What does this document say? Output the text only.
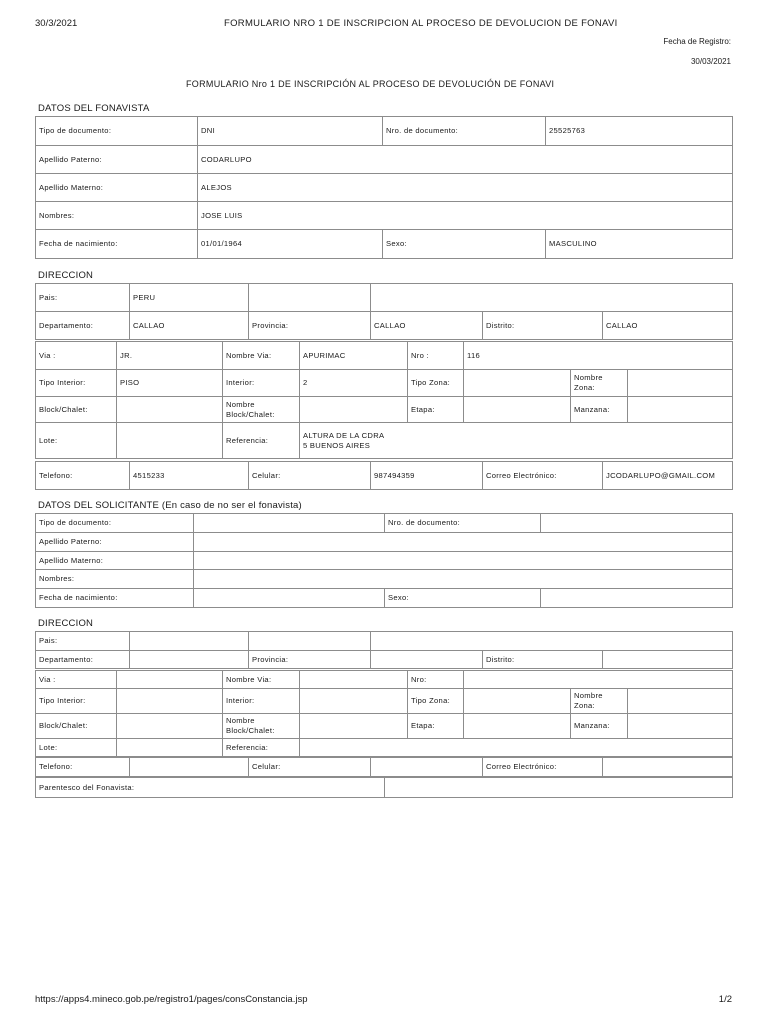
30/3/2021	FORMULARIO NRO 1 DE INSCRIPCION AL PROCESO DE DEVOLUCION DE FONAVI
Fecha de Registro:
30/03/2021
FORMULARIO Nro 1 DE INSCRIPCIÓN AL PROCESO DE DEVOLUCIÓN DE FONAVI
DATOS DEL FONAVISTA
Tipo de documento:	DNI	Nro. de documento:	25525763
Apellido Paterno:	CODARLUPO		
Apellido Materno:	ALEJOS		
Nombres:	JOSE LUIS		
Fecha de nacimiento:	01/01/1964	Sexo:	MASCULINO
DIRECCION
Pais:	PERU				
Departamento:	CALLAO	Provincia:	CALLAO	Distrito:	CALLAO
Via :	JR.	Nombre Via:	APURIMAC	Nro :	116		
Tipo Interior:	PISO	Interior:	2	Tipo Zona:		Nombre Zona:	
Block/Chalet:		Nombre Block/Chalet:		Etapa:		Manzana:	
Lote:		Referencia:	ALTURA DE LA CDRA
5 BUENOS AIRES				
Telefono:	4515233	Celular:	987494359	Correo Electrónico:	JCODARLUPO@GMAIL.COM
DATOS DEL SOLICITANTE (En caso de no ser el fonavista)
Tipo de documento:		Nro. de documento:	
Apellido Paterno:			
Apellido Materno:			
Nombres:			
Fecha de nacimiento:		Sexo:	
DIRECCION
Pais:					
Departamento:		Provincia:		Distrito:	
Via :		Nombre Via:		Nro:			
Tipo Interior:		Interior:		Tipo Zona:		Nombre Zona:	
Block/Chalet:		Nombre Block/Chalet:		Etapa:		Manzana:	
Lote:		Referencia:					
Telefono:		Celular:		Correo Electrónico:	
Parentesco del Fonavista:	
https://apps4.mineco.gob.pe/registro1/pages/consConstancia.jsp	1/2
